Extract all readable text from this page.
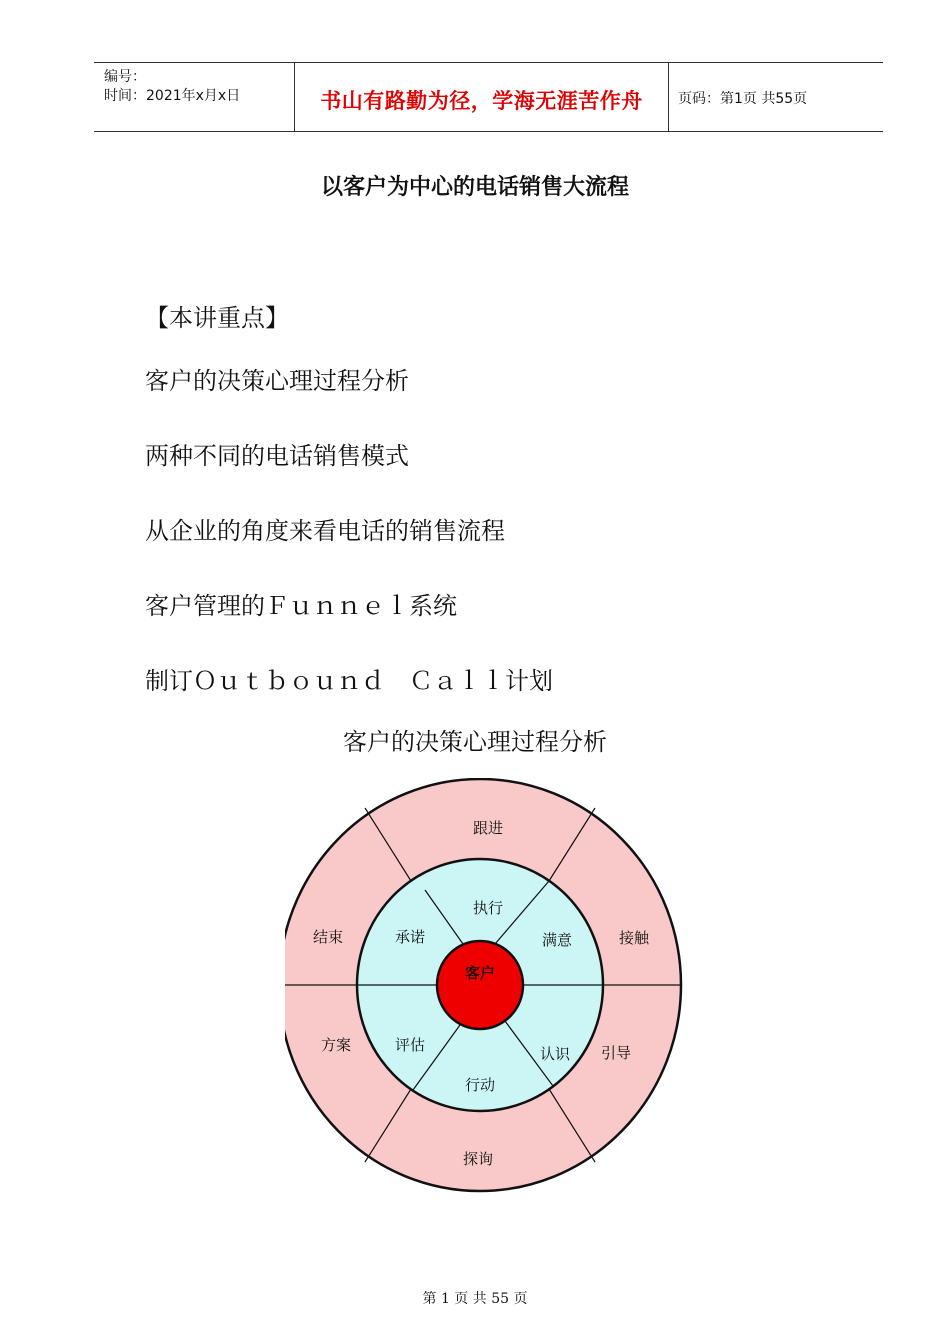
编号：
时间：2021年x月x日	书山有路勤为径，学海无涯苦作舟	页码：第1页 共55页
以客户为中心的电话销售大流程
【本讲重点】
客户的决策心理过程分析
两种不同的电话销售模式
从企业的角度来看电话的销售流程
客户管理的Ｆｕｎｎｅｌ系统
制订Ｏｕｔｂｏｕｎｄ　Ｃａｌｌ计划
客户的决策心理过程分析
客户
执行
满意
认识
行动
评估
承诺
跟进
接触
引导
探询
方案
结束
第 1 页 共 55 页
